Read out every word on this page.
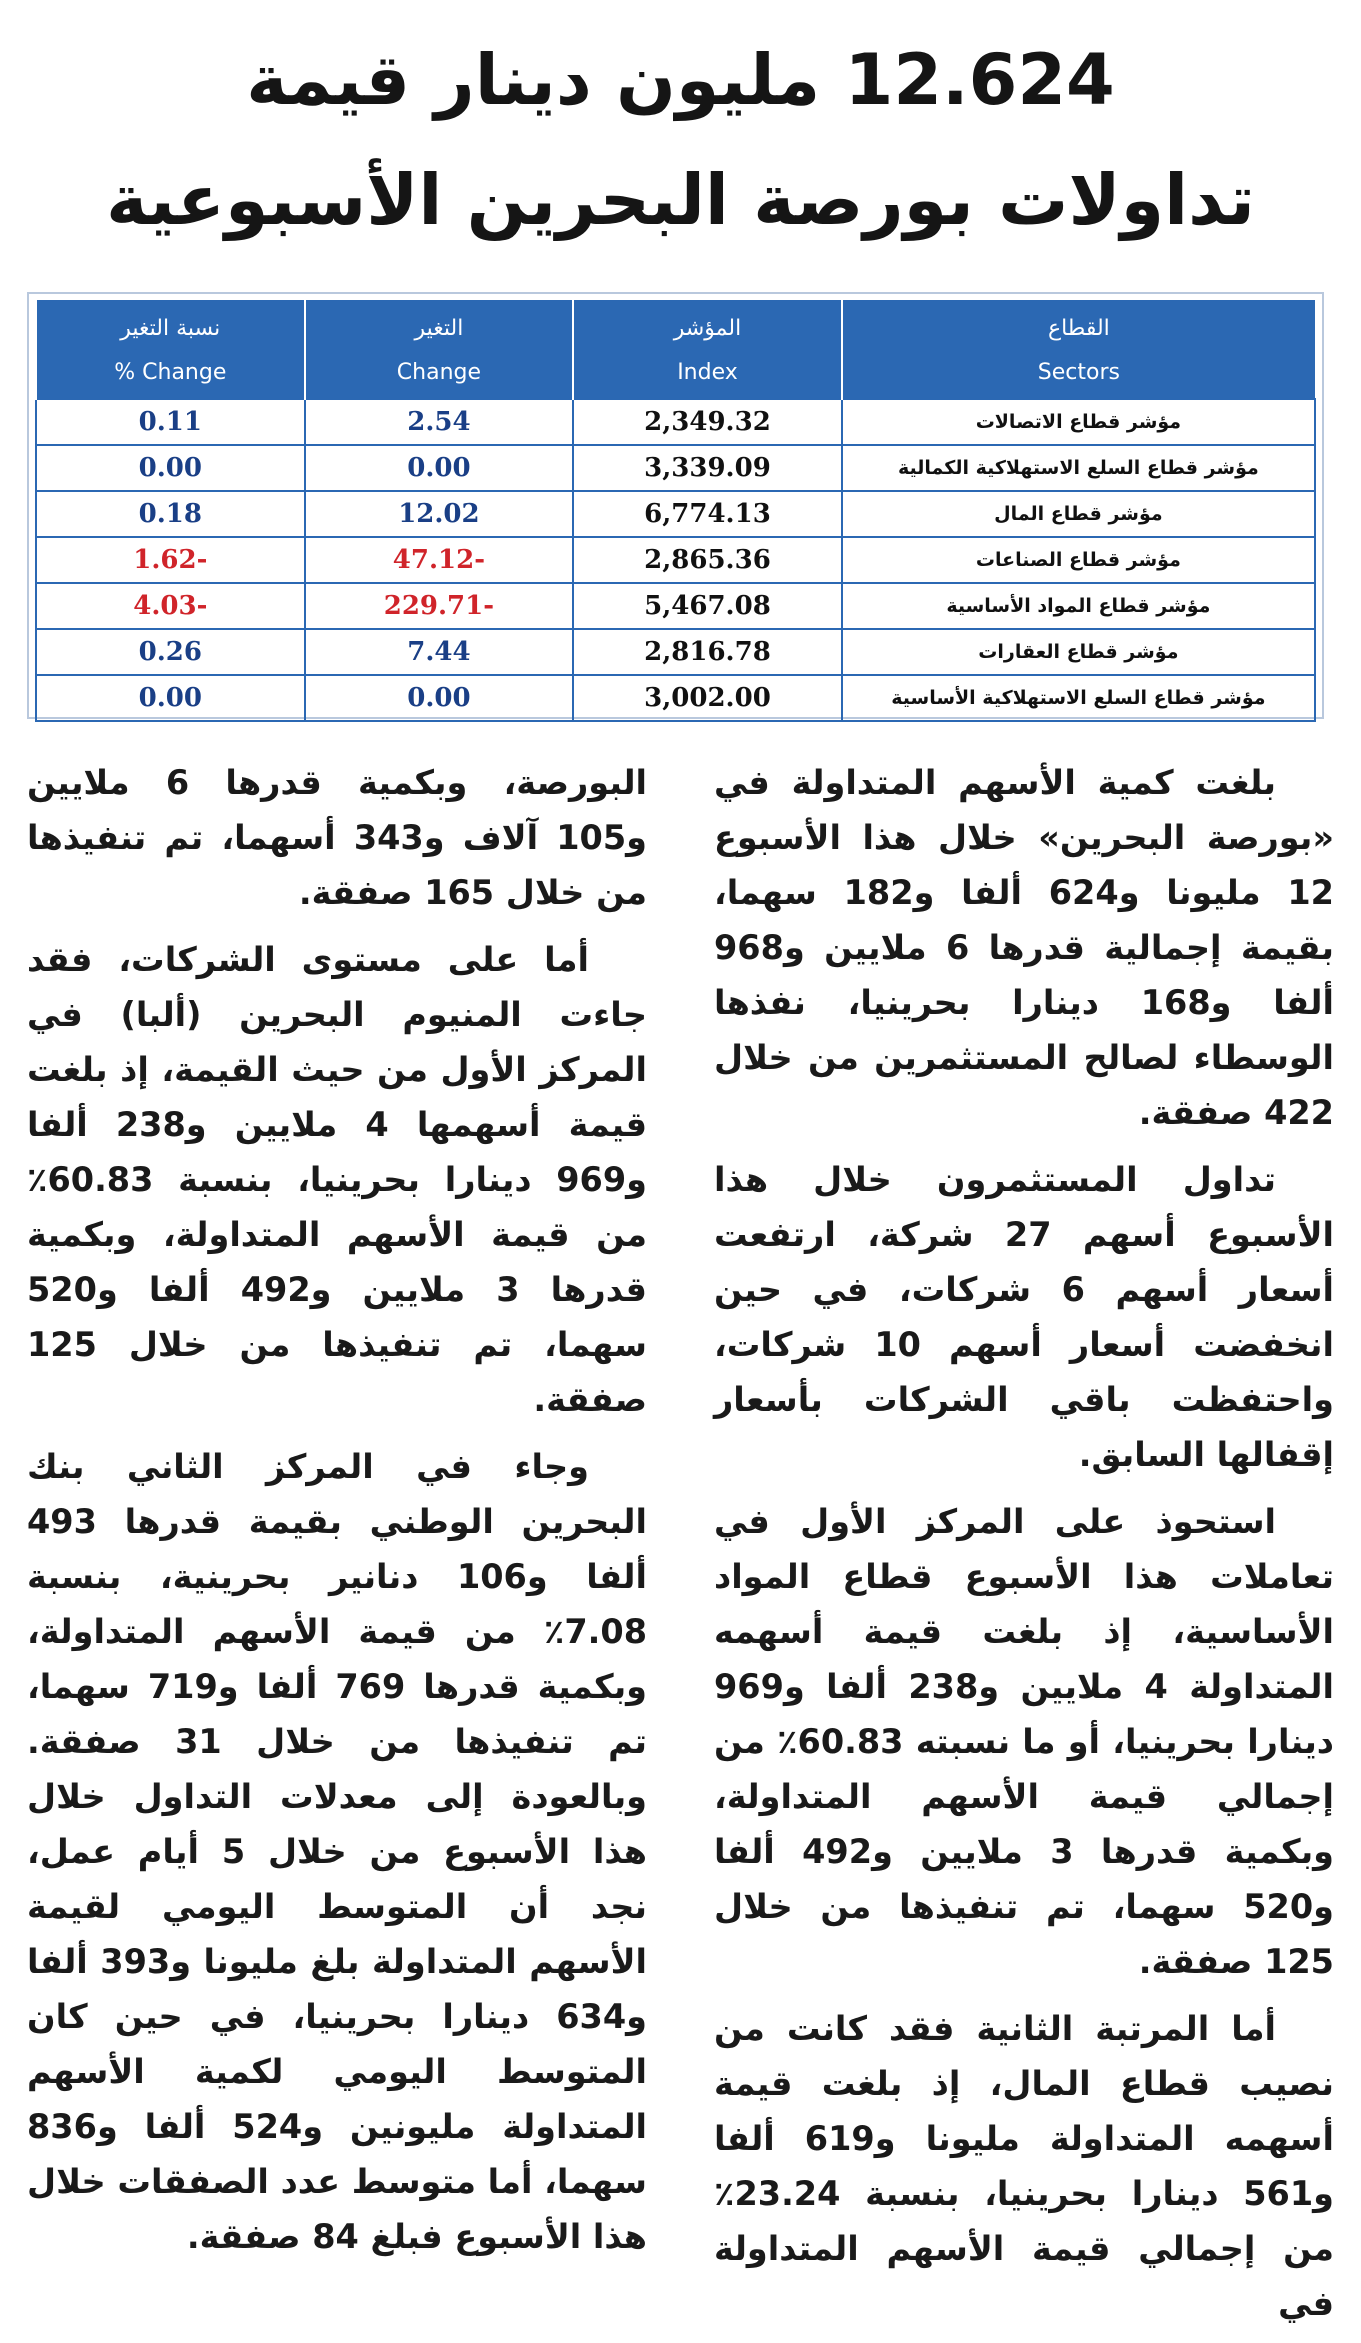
12.624 مليون دينار قيمة
تداولات بورصة البحرين الأسبوعية
القطاع	المؤشر	التغير	نسبة التغير
Sectors	Index	Change	Change %
مؤشر قطاع الاتصالات	2,349.32	2.54	0.11
مؤشر قطاع السلع الاستهلاكية الكمالية	3,339.09	0.00	0.00
مؤشر قطاع المال	6,774.13	12.02	0.18
مؤشر قطاع الصناعات	2,865.36	-47.12	-1.62
مؤشر قطاع المواد الأساسية	5,467.08	-229.71	-4.03
مؤشر قطاع العقارات	2,816.78	7.44	0.26
مؤشر قطاع السلع الاستهلاكية الأساسية	3,002.00	0.00	0.00

بلغت كمية الأسهم المتداولة في «بورصة البحرين» خلال هذا الأسبوع 12 مليونا و624 ألفا و182 سهما، بقيمة إجمالية قدرها 6 ملايين و968 ألفا و168 دينارا بحرينيا، نفذها الوسطاء لصالح المستثمرين من خلال 422 صفقة.

تداول المستثمرون خلال هذا الأسبوع أسهم 27 شركة، ارتفعت أسعار أسهم 6 شركات، في حين انخفضت أسعار أسهم 10 شركات، واحتفظت باقي الشركات بأسعار إقفالها السابق.

استحوذ على المركز الأول في تعاملات هذا الأسبوع قطاع المواد الأساسية، إذ بلغت قيمة أسهمه المتداولة 4 ملايين و238 ألفا و969 دينارا بحرينيا، أو ما نسبته 60.83٪ من إجمالي قيمة الأسهم المتداولة، وبكمية قدرها 3 ملايين و492 ألفا و520 سهما، تم تنفيذها من خلال 125 صفقة.

أما المرتبة الثانية فقد كانت من نصيب قطاع المال، إذ بلغت قيمة أسهمه المتداولة مليونا و619 ألفا و561 دينارا بحرينيا، بنسبة 23.24٪ من إجمالي قيمة الأسهم المتداولة في

البورصة، وبكمية قدرها 6 ملايين و105 آلاف و343 أسهما، تم تنفيذها من خلال 165 صفقة.

أما على مستوى الشركات، فقد جاءت المنيوم البحرين (ألبا) في المركز الأول من حيث القيمة، إذ بلغت قيمة أسهمها 4 ملايين و238 ألفا و969 دينارا بحرينيا، بنسبة 60.83٪ من قيمة الأسهم المتداولة، وبكمية قدرها 3 ملايين و492 ألفا و520 سهما، تم تنفيذها من خلال 125 صفقة.

وجاء في المركز الثاني بنك البحرين الوطني بقيمة قدرها 493 ألفا و106 دنانير بحرينية، بنسبة 7.08٪ من قيمة الأسهم المتداولة، وبكمية قدرها 769 ألفا و719 سهما، تم تنفيذها من خلال 31 صفقة. وبالعودة إلى معدلات التداول خلال هذا الأسبوع من خلال 5 أيام عمل، نجد أن المتوسط اليومي لقيمة الأسهم المتداولة بلغ مليونا و393 ألفا و634 دينارا بحرينيا، في حين كان المتوسط اليومي لكمية الأسهم المتداولة مليونين و524 ألفا و836 سهما، أما متوسط عدد الصفقات خلال هذا الأسبوع فبلغ 84 صفقة.
